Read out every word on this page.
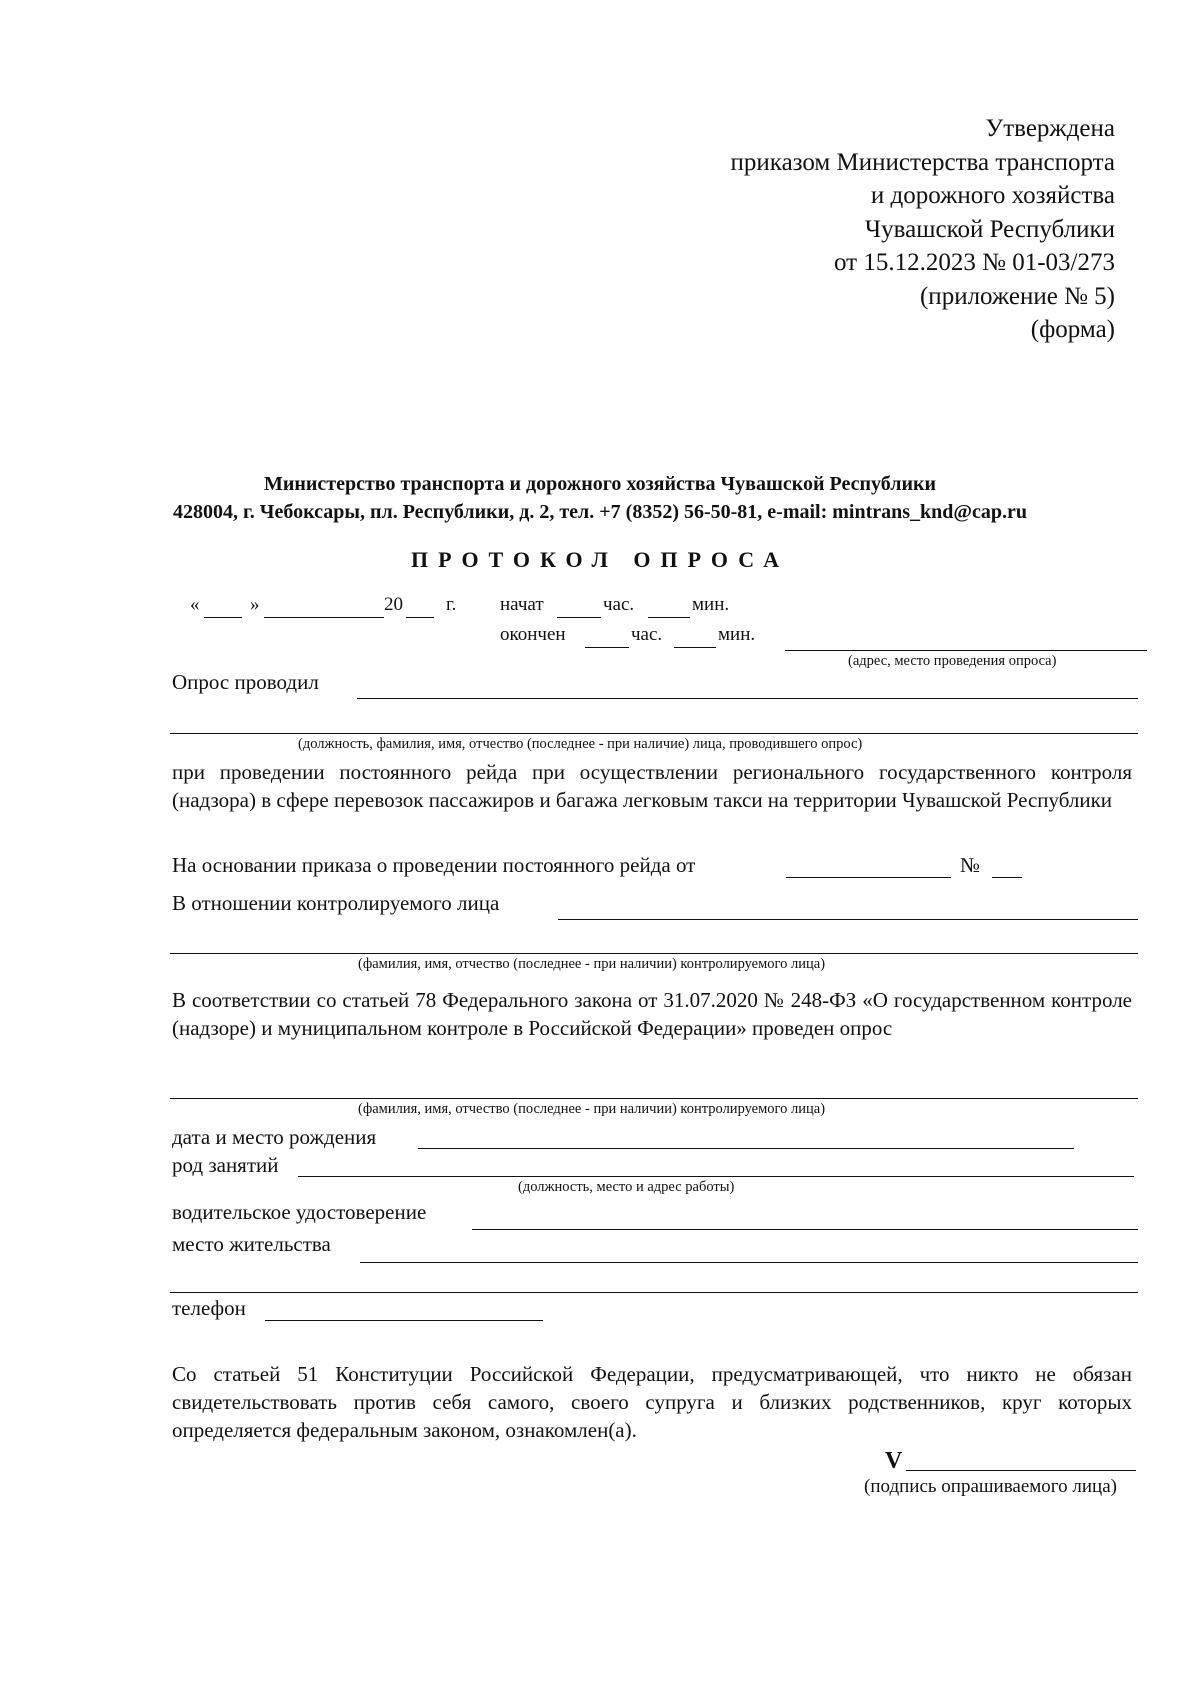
Утверждена
приказом Министерства транспорта
и дорожного хозяйства
Чувашской Республики
от 15.12.2023 № 01-03/273
(приложение № 5)
(форма)
Министерство транспорта и дорожного хозяйства Чувашской Республики
428004, г. Чебоксары, пл. Республики, д. 2, тел. +7 (8352) 56-50-81, e-mail: mintrans_knd@cap.ru
ПРОТОКОЛ ОПРОСА
«	»	20 г. начат	час.	мин.
окончен	час.	мин.
(адрес, место проведения опроса)
Опрос проводил
(должность, фамилия, имя, отчество (последнее - при наличие) лица, проводившего опрос)
при проведении постоянного рейда при осуществлении регионального государственного контроля (надзора) в сфере перевозок пассажиров и багажа легковым такси на территории Чувашской Республики
На основании приказа о проведении постоянного рейда от	№
В отношении контролируемого лица
(фамилия, имя, отчество (последнее - при наличии) контролируемого лица)
В соответствии со статьей 78 Федерального закона от 31.07.2020 № 248-ФЗ «О государственном контроле (надзоре) и муниципальном контроле в Российской Федерации» проведен опрос
(фамилия, имя, отчество (последнее - при наличии) контролируемого лица)
дата и место рождения
род занятий
(должность, место и адрес работы)
водительское удостоверение
место жительства
телефон
Со статьей 51 Конституции Российской Федерации, предусматривающей, что никто не обязан свидетельствовать против себя самого, своего супруга и близких родственников, круг которых определяется федеральным законом, ознакомлен(а).
V
(подпись опрашиваемого лица)
